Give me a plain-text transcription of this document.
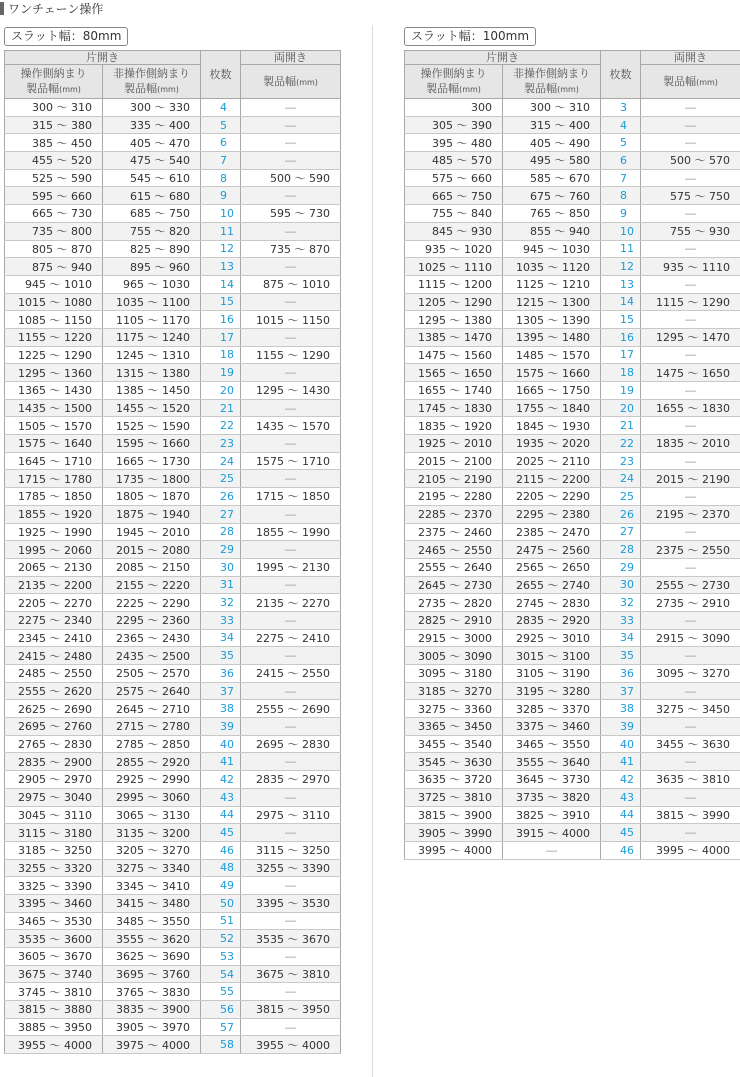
ワンチェーン操作
スラット幅：80mm
片開き		枚数	両開き
操作側納まり
製品幅(mm)	非操作側納まり
製品幅(mm)		製品幅(mm)
300 ～ 310	300 ～ 330	4	―
315 ～ 380	335 ～ 400	5	―
385 ～ 450	405 ～ 470	6	―
455 ～ 520	475 ～ 540	7	―
525 ～ 590	545 ～ 610	8	500 ～ 590
595 ～ 660	615 ～ 680	9	―
665 ～ 730	685 ～ 750	10	595 ～ 730
735 ～ 800	755 ～ 820	11	―
805 ～ 870	825 ～ 890	12	735 ～ 870
875 ～ 940	895 ～ 960	13	―
945 ～ 1010	965 ～ 1030	14	875 ～ 1010
1015 ～ 1080	1035 ～ 1100	15	―
1085 ～ 1150	1105 ～ 1170	16	1015 ～ 1150
1155 ～ 1220	1175 ～ 1240	17	―
1225 ～ 1290	1245 ～ 1310	18	1155 ～ 1290
1295 ～ 1360	1315 ～ 1380	19	―
1365 ～ 1430	1385 ～ 1450	20	1295 ～ 1430
1435 ～ 1500	1455 ～ 1520	21	―
1505 ～ 1570	1525 ～ 1590	22	1435 ～ 1570
1575 ～ 1640	1595 ～ 1660	23	―
1645 ～ 1710	1665 ～ 1730	24	1575 ～ 1710
1715 ～ 1780	1735 ～ 1800	25	―
1785 ～ 1850	1805 ～ 1870	26	1715 ～ 1850
1855 ～ 1920	1875 ～ 1940	27	―
1925 ～ 1990	1945 ～ 2010	28	1855 ～ 1990
1995 ～ 2060	2015 ～ 2080	29	―
2065 ～ 2130	2085 ～ 2150	30	1995 ～ 2130
2135 ～ 2200	2155 ～ 2220	31	―
2205 ～ 2270	2225 ～ 2290	32	2135 ～ 2270
2275 ～ 2340	2295 ～ 2360	33	―
2345 ～ 2410	2365 ～ 2430	34	2275 ～ 2410
2415 ～ 2480	2435 ～ 2500	35	―
2485 ～ 2550	2505 ～ 2570	36	2415 ～ 2550
2555 ～ 2620	2575 ～ 2640	37	―
2625 ～ 2690	2645 ～ 2710	38	2555 ～ 2690
2695 ～ 2760	2715 ～ 2780	39	―
2765 ～ 2830	2785 ～ 2850	40	2695 ～ 2830
2835 ～ 2900	2855 ～ 2920	41	―
2905 ～ 2970	2925 ～ 2990	42	2835 ～ 2970
2975 ～ 3040	2995 ～ 3060	43	―
3045 ～ 3110	3065 ～ 3130	44	2975 ～ 3110
3115 ～ 3180	3135 ～ 3200	45	―
3185 ～ 3250	3205 ～ 3270	46	3115 ～ 3250
3255 ～ 3320	3275 ～ 3340	48	3255 ～ 3390
3325 ～ 3390	3345 ～ 3410	49	―
3395 ～ 3460	3415 ～ 3480	50	3395 ～ 3530
3465 ～ 3530	3485 ～ 3550	51	―
3535 ～ 3600	3555 ～ 3620	52	3535 ～ 3670
3605 ～ 3670	3625 ～ 3690	53	―
3675 ～ 3740	3695 ～ 3760	54	3675 ～ 3810
3745 ～ 3810	3765 ～ 3830	55	―
3815 ～ 3880	3835 ～ 3900	56	3815 ～ 3950
3885 ～ 3950	3905 ～ 3970	57	―
3955 ～ 4000	3975 ～ 4000	58	3955 ～ 4000
スラット幅：100mm
片開き		枚数	両開き
操作側納まり
製品幅(mm)	非操作側納まり
製品幅(mm)		製品幅(mm)
300	300 ～ 310	3	―
305 ～ 390	315 ～ 400	4	―
395 ～ 480	405 ～ 490	5	―
485 ～ 570	495 ～ 580	6	500 ～ 570
575 ～ 660	585 ～ 670	7	―
665 ～ 750	675 ～ 760	8	575 ～ 750
755 ～ 840	765 ～ 850	9	―
845 ～ 930	855 ～ 940	10	755 ～ 930
935 ～ 1020	945 ～ 1030	11	―
1025 ～ 1110	1035 ～ 1120	12	935 ～ 1110
1115 ～ 1200	1125 ～ 1210	13	―
1205 ～ 1290	1215 ～ 1300	14	1115 ～ 1290
1295 ～ 1380	1305 ～ 1390	15	―
1385 ～ 1470	1395 ～ 1480	16	1295 ～ 1470
1475 ～ 1560	1485 ～ 1570	17	―
1565 ～ 1650	1575 ～ 1660	18	1475 ～ 1650
1655 ～ 1740	1665 ～ 1750	19	―
1745 ～ 1830	1755 ～ 1840	20	1655 ～ 1830
1835 ～ 1920	1845 ～ 1930	21	―
1925 ～ 2010	1935 ～ 2020	22	1835 ～ 2010
2015 ～ 2100	2025 ～ 2110	23	―
2105 ～ 2190	2115 ～ 2200	24	2015 ～ 2190
2195 ～ 2280	2205 ～ 2290	25	―
2285 ～ 2370	2295 ～ 2380	26	2195 ～ 2370
2375 ～ 2460	2385 ～ 2470	27	―
2465 ～ 2550	2475 ～ 2560	28	2375 ～ 2550
2555 ～ 2640	2565 ～ 2650	29	―
2645 ～ 2730	2655 ～ 2740	30	2555 ～ 2730
2735 ～ 2820	2745 ～ 2830	32	2735 ～ 2910
2825 ～ 2910	2835 ～ 2920	33	―
2915 ～ 3000	2925 ～ 3010	34	2915 ～ 3090
3005 ～ 3090	3015 ～ 3100	35	―
3095 ～ 3180	3105 ～ 3190	36	3095 ～ 3270
3185 ～ 3270	3195 ～ 3280	37	―
3275 ～ 3360	3285 ～ 3370	38	3275 ～ 3450
3365 ～ 3450	3375 ～ 3460	39	―
3455 ～ 3540	3465 ～ 3550	40	3455 ～ 3630
3545 ～ 3630	3555 ～ 3640	41	―
3635 ～ 3720	3645 ～ 3730	42	3635 ～ 3810
3725 ～ 3810	3735 ～ 3820	43	―
3815 ～ 3900	3825 ～ 3910	44	3815 ～ 3990
3905 ～ 3990	3915 ～ 4000	45	―
3995 ～ 4000	―	46	3995 ～ 4000
